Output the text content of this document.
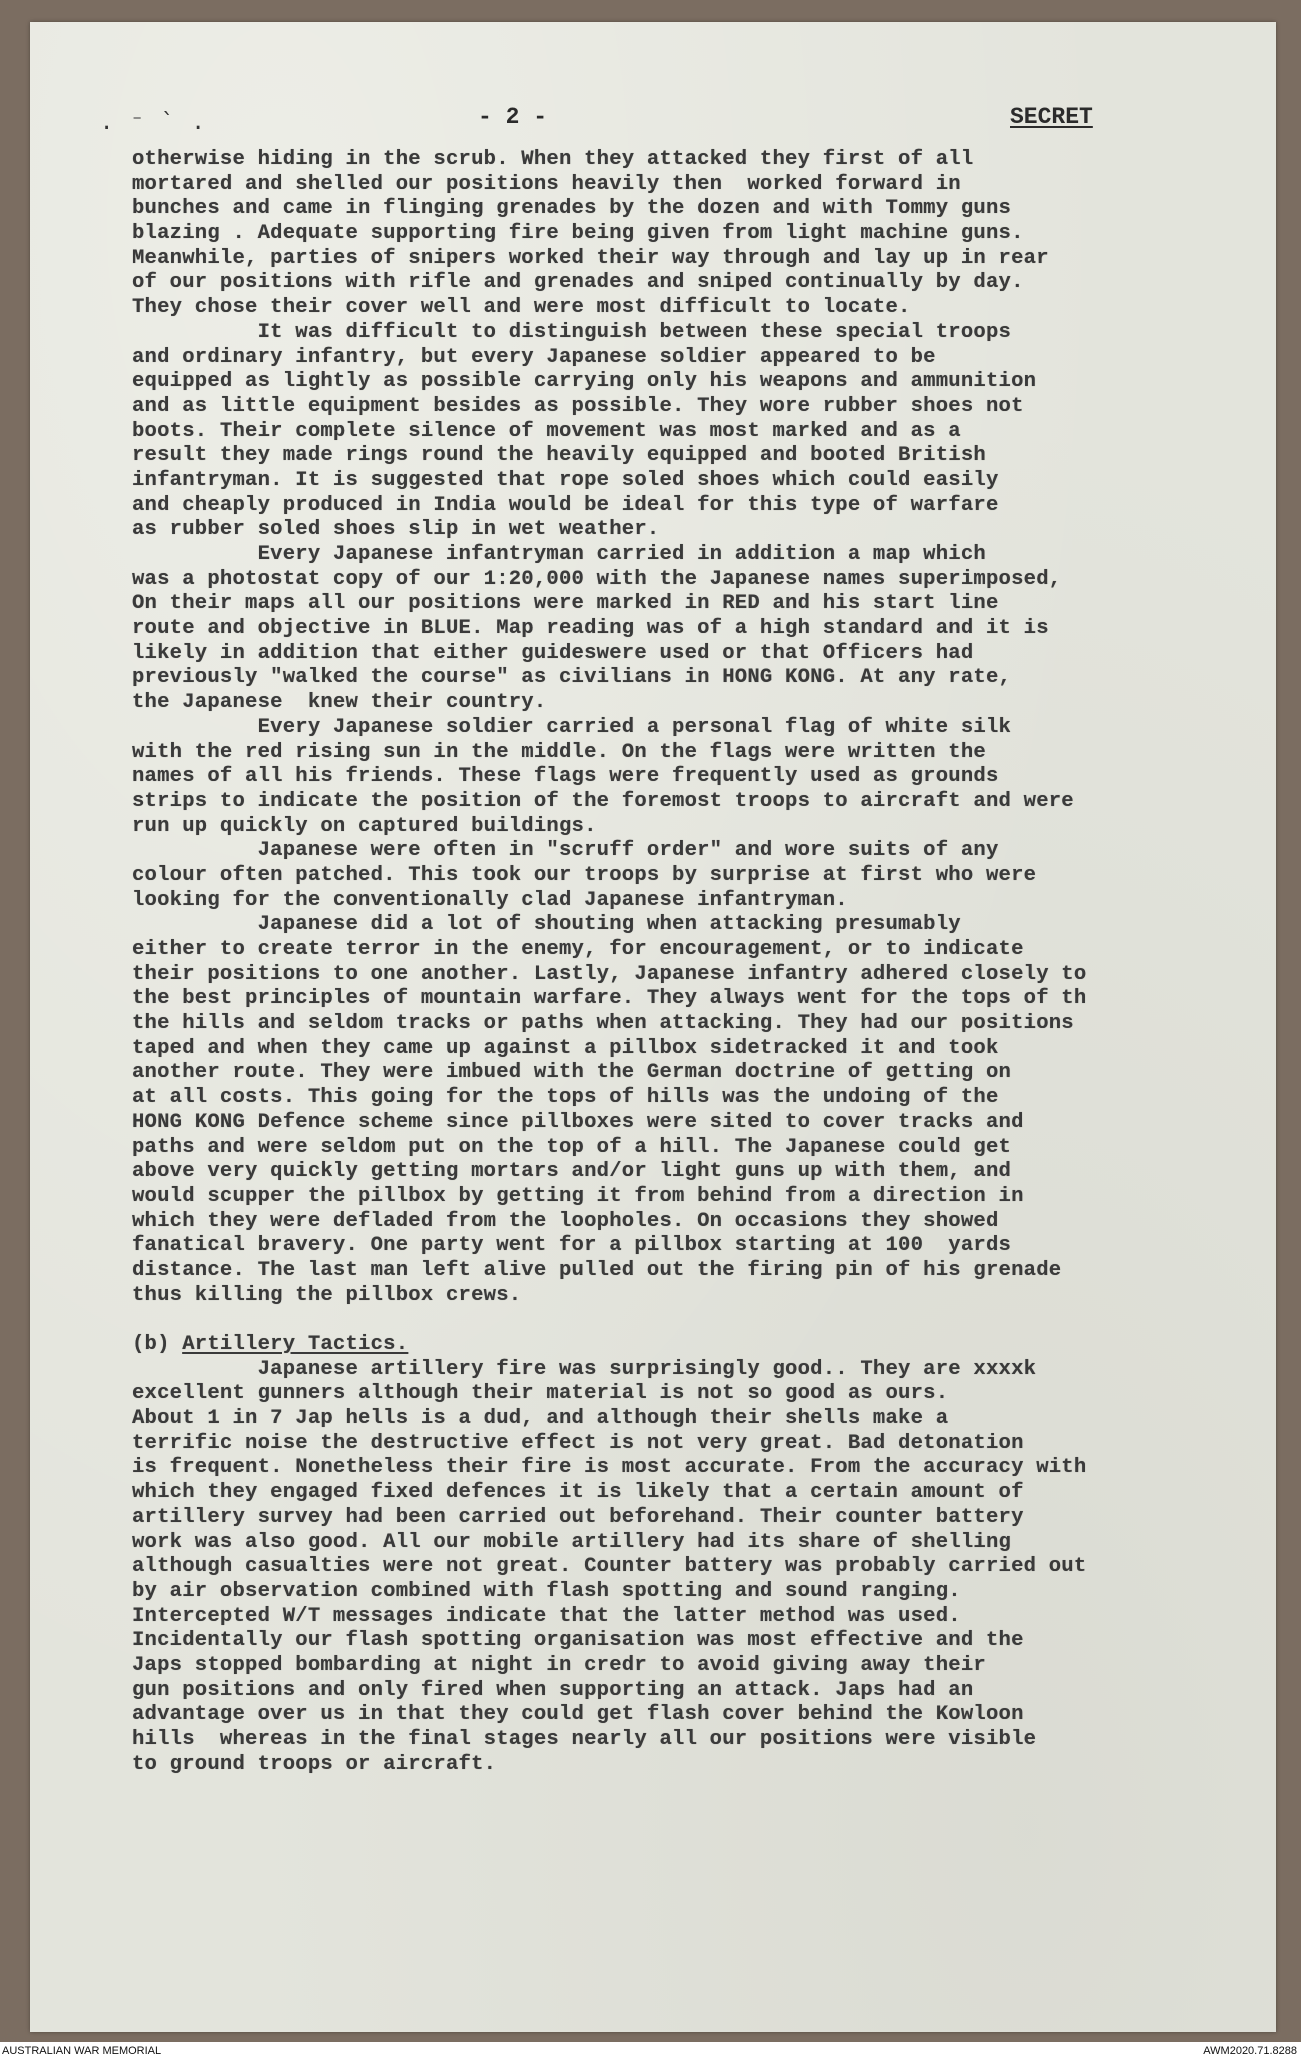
. ⁻ ` .	- 2 -	SECRET
otherwise hiding in the scrub. When they attacked they first of all
mortared and shelled our positions heavily then  worked forward in
bunches and came in flinging grenades by the dozen and with Tommy guns
blazing . Adequate supporting fire being given from light machine guns.
Meanwhile, parties of snipers worked their way through and lay up in rear
of our positions with rifle and grenades and sniped continually by day.
They chose their cover well and were most difficult to locate.
It was difficult to distinguish between these special troops
and ordinary infantry, but every Japanese soldier appeared to be
equipped as lightly as possible carrying only his weapons and ammunition
and as little equipment besides as possible. They wore rubber shoes not
boots. Their complete silence of movement was most marked and as a
result they made rings round the heavily equipped and booted British
infantryman. It is suggested that rope soled shoes which could easily
and cheaply produced in India would be ideal for this type of warfare
as rubber soled shoes slip in wet weather.
Every Japanese infantryman carried in addition a map which
was a photostat copy of our 1:20,000 with the Japanese names superimposed,
On their maps all our positions were marked in RED and his start line
route and objective in BLUE. Map reading was of a high standard and it is
likely in addition that either guideswere used or that Officers had
previously "walked the course" as civilians in HONG KONG. At any rate,
the Japanese  knew their country.
Every Japanese soldier carried a personal flag of white silk
with the red rising sun in the middle. On the flags were written the
names of all his friends. These flags were frequently used as grounds
strips to indicate the position of the foremost troops to aircraft and were
run up quickly on captured buildings.
Japanese were often in "scruff order" and wore suits of any
colour often patched. This took our troops by surprise at first who were
looking for the conventionally clad Japanese infantryman.
Japanese did a lot of shouting when attacking presumably
either to create terror in the enemy, for encouragement, or to indicate
their positions to one another. Lastly, Japanese infantry adhered closely to
the best principles of mountain warfare. They always went for the tops of th
the hills and seldom tracks or paths when attacking. They had our positions
taped and when they came up against a pillbox sidetracked it and took
another route. They were imbued with the German doctrine of getting on
at all costs. This going for the tops of hills was the undoing of the
HONG KONG Defence scheme since pillboxes were sited to cover tracks and
paths and were seldom put on the top of a hill. The Japanese could get
above very quickly getting mortars and/or light guns up with them, and
would scupper the pillbox by getting it from behind from a direction in
which they were defladed from the loopholes. On occasions they showed
fanatical bravery. One party went for a pillbox starting at 100  yards
distance. The last man left alive pulled out the firing pin of his grenade
thus killing the pillbox crews.
(b) Artillery Tactics.
Japanese artillery fire was surprisingly good.. They are xxxxk
excellent gunners although their material is not so good as ours.
About 1 in 7 Jap hells is a dud, and although their shells make a
terrific noise the destructive effect is not very great. Bad detonation
is frequent. Nonetheless their fire is most accurate. From the accuracy with
which they engaged fixed defences it is likely that a certain amount of
artillery survey had been carried out beforehand. Their counter battery
work was also good. All our mobile artillery had its share of shelling
although casualties were not great. Counter battery was probably carried out
by air observation combined with flash spotting and sound ranging.
Intercepted W/T messages indicate that the latter method was used.
Incidentally our flash spotting organisation was most effective and the
Japs stopped bombarding at night in credr to avoid giving away their
gun positions and only fired when supporting an attack. Japs had an
advantage over us in that they could get flash cover behind the Kowloon
hills  whereas in the final stages nearly all our positions were visible
to ground troops or aircraft.
AUSTRALIAN WAR MEMORIAL	AWM2020.71.8288
